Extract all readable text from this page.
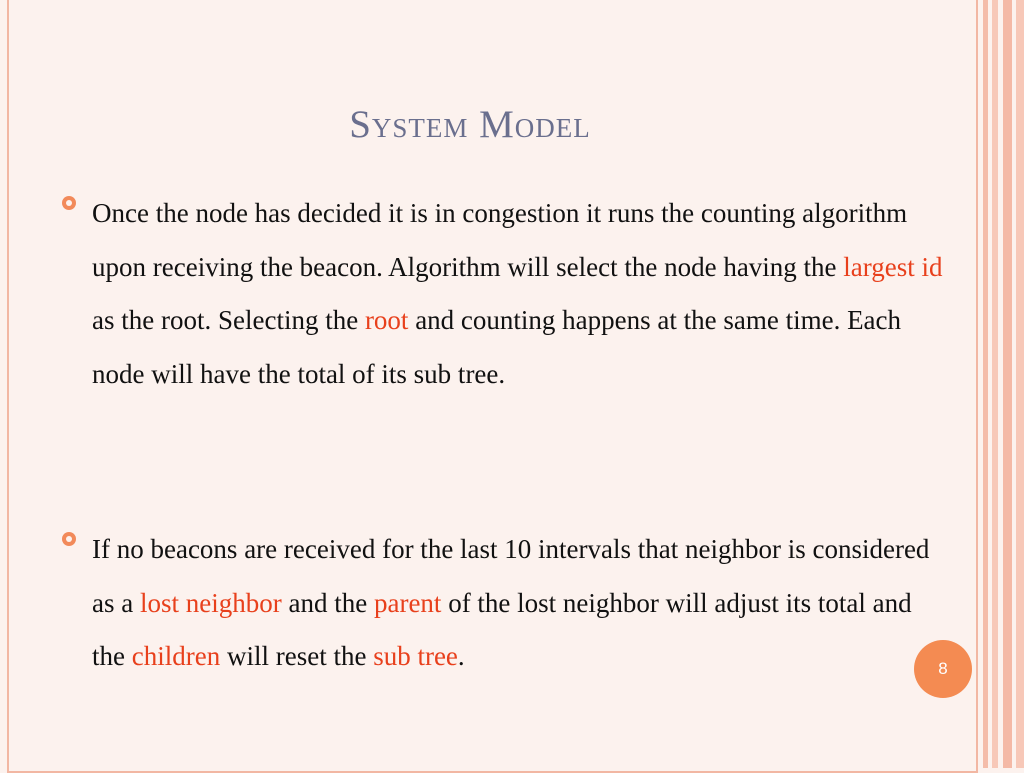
System Model
Once the node has decided it is in congestion it runs the counting algorithm upon receiving the beacon. Algorithm will select the node having the largest id as the root. Selecting the root and counting happens at the same time. Each node will have the total of its sub tree.
If no beacons are received for the last 10 intervals that neighbor is considered as a lost neighbor and the parent of the lost neighbor will adjust its total and the children will reset the sub tree.	8
